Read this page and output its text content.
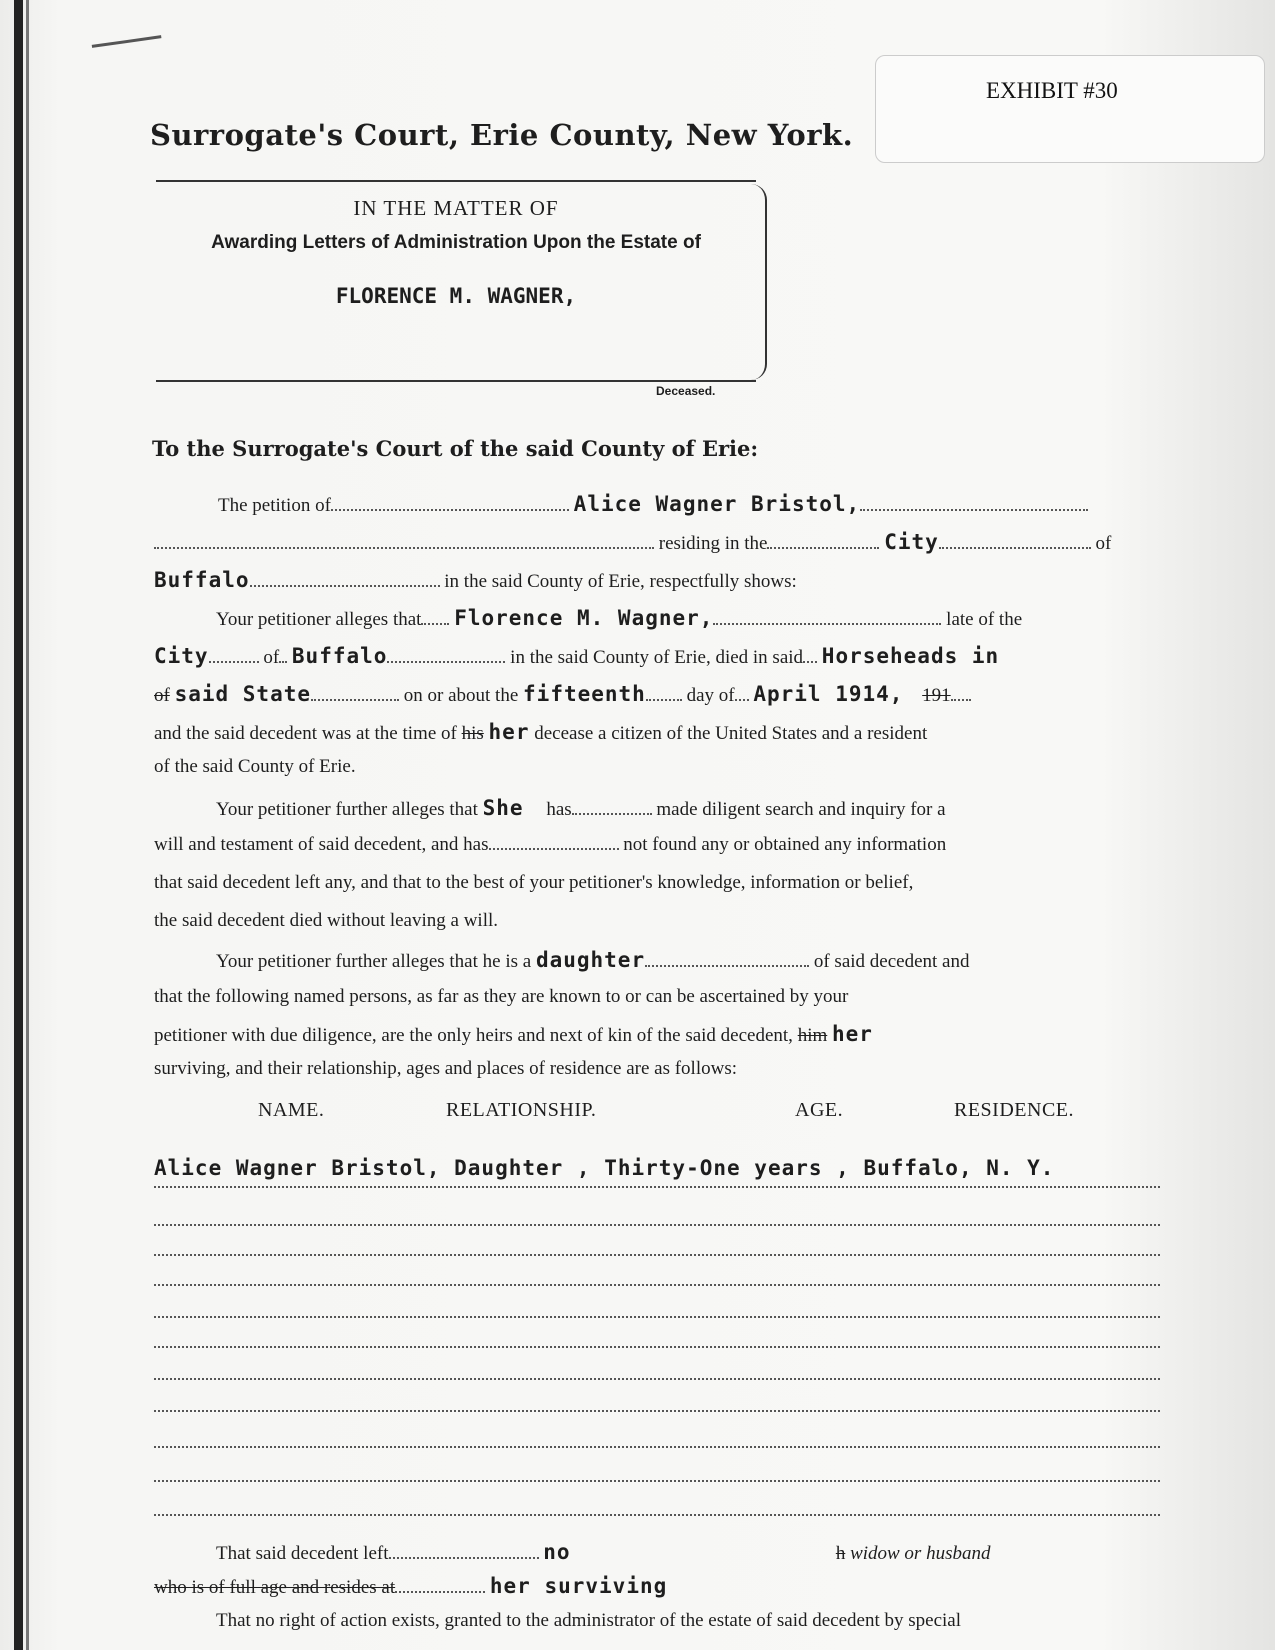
EXHIBIT #30
Surrogate's Court, Erie County, New York.
IN THE MATTER OF
Awarding Letters of Administration Upon the Estate of
FLORENCE M. WAGNER,
Deceased.
To the Surrogate's Court of the said County of Erie:
The petition of	Alice Wagner Bristol,
residing in the	City	of
Buffalo	in the said County of Erie, respectfully shows:
Your petitioner alleges that Florence M. Wagner,	late of the
City	of Buffalo	in the said County of Erie, died in said Horseheads in
of said State	on or about the fifteenth day of April 1914, 191
and the said decedent was at the time of his her decease a citizen of the United States and a resident
of the said County of Erie.
Your petitioner further alleges that She has	made diligent search and inquiry for a
will and testament of said decedent, and has	not found any or obtained any information
that said decedent left any, and that to the best of your petitioner's knowledge, information or belief,
the said decedent died without leaving a will.
Your petitioner further alleges that he is a daughter	of said decedent and
that the following named persons, as far as they are known to or can be ascertained by your
petitioner with due diligence, are the only heirs and next of kin of the said decedent, him her
surviving, and their relationship, ages and places of residence are as follows:
NAME.	RELATIONSHIP.	AGE.	RESIDENCE.
Alice Wagner Bristol, Daughter , Thirty-One years , Buffalo, N. Y.
That said decedent left	no	h widow or husband
who is of full age and resides at	her surviving
That no right of action exists, granted to the administrator of the estate of said decedent by special
